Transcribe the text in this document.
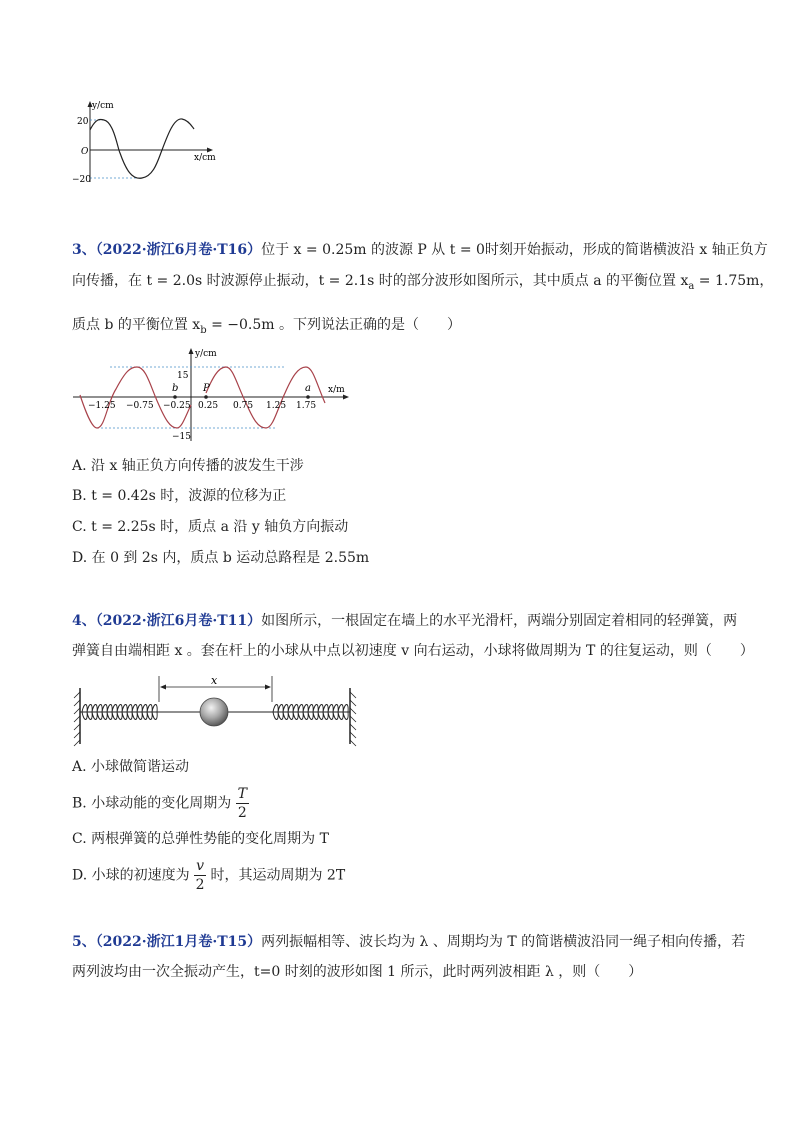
y/cm
20
O
−20
x/cm
3、（2022·浙江6月卷·T16）位于 x = 0.25m 的波源 P 从 t = 0时刻开始振动，形成的简谐横波沿 x 轴正负方
向传播，在 t = 2.0s 时波源停止振动，t = 2.1s 时的部分波形如图所示，其中质点 a 的平衡位置 $x_a = 1.75m$，
质点 b 的平衡位置 $x_b = -0.5m$ 。下列说法正确的是（　　）
−1.25 −0.75 −0.25 0.25 0.75 1.25 1.75
P	a
b
15
−15
y/cm
x/m
A. 沿 x 轴正负方向传播的波发生干涉
B. t = 0.42s 时，波源的位移为正
C. t = 2.25s 时，质点 a 沿 y 轴负方向振动
D. 在 0 到 2s 内，质点 b 运动总路程是 2.55m
4、（2022·浙江6月卷·T11）如图所示，一根固定在墙上的水平光滑杆，两端分别固定着相同的轻弹簧，两
弹簧自由端相距 x 。套在杆上的小球从中点以初速度 v 向右运动，小球将做周期为 T 的往复运动，则（　　）
x
A. 小球做简谐运动
B. 小球动能的变化周期为 $\frac{T}{2}$
C. 两根弹簧的总弹性势能的变化周期为 T
D. 小球的初速度为 $\frac{v}{2}$ 时，其运动周期为 2T
5、（2022·浙江1月卷·T15）两列振幅相等、波长均为 λ 、周期均为 T 的简谐横波沿同一绳子相向传播，若
两列波均由一次全振动产生，t=0 时刻的波形如图 1 所示，此时两列波相距 λ ，则（　　）
